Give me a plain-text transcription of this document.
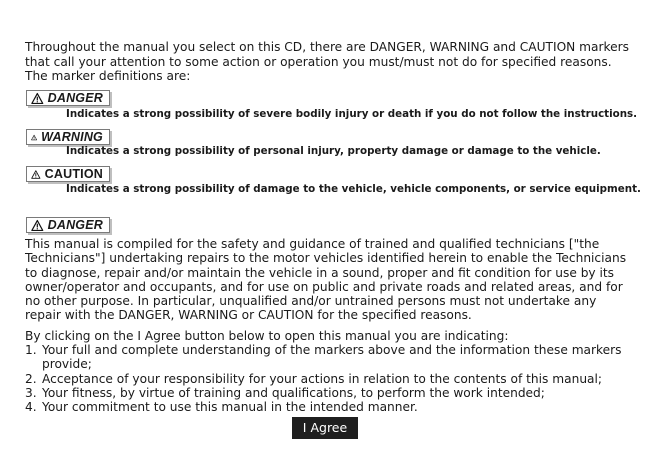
Throughout the manual you select on this CD, there are DANGER, WARNING and CAUTION markers that call your attention to some action or operation you must/must not do for specified reasons. The marker definitions are:
DANGER
Indicates a strong possibility of severe bodily injury or death if you do not follow the instructions.
WARNING
Indicates a strong possibility of personal injury, property damage or damage to the vehicle.
CAUTION
Indicates a strong possibility of damage to the vehicle, vehicle components, or service equipment.
DANGER
This manual is compiled for the safety and guidance of trained and qualified technicians ["the Technicians"] undertaking repairs to the motor vehicles identified herein to enable the Technicians to diagnose, repair and/or maintain the vehicle in a sound, proper and fit condition for use by its owner/operator and occupants, and for use on public and private roads and related areas, and for no other purpose. In particular, unqualified and/or untrained persons must not undertake any repair with the DANGER, WARNING or CAUTION for the specified reasons.
By clicking on the I Agree button below to open this manual you are indicating:
1. Your full and complete understanding of the markers above and the information these markers provide;
2. Acceptance of your responsibility for your actions in relation to the contents of this manual;
3. Your fitness, by virtue of training and qualifications, to perform the work intended;
4. Your commitment to use this manual in the intended manner.
I Agree
